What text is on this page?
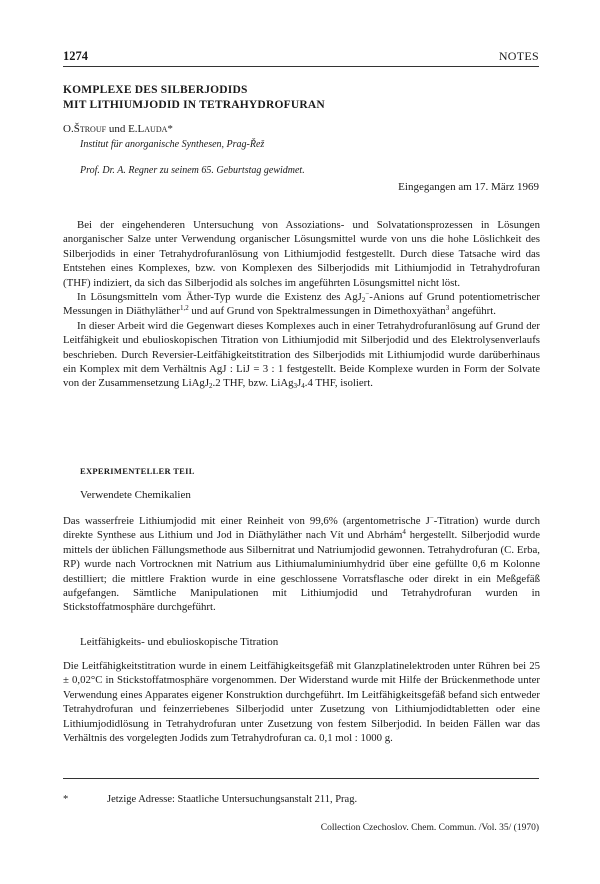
1274	NOTES
KOMPLEXE DES SILBERJODIDS
MIT LITHIUMJODID IN TETRAHYDROFURAN
O.Štrouf und E.Lauda*
Institut für anorganische Synthesen, Prag-Řež
Prof. Dr. A. Regner zu seinem 65. Geburtstag gewidmet.
Eingegangen am 17. März 1969

Bei der eingehenderen Untersuchung von Assoziations- und Solvatationsprozessen in Lösungen anorganischer Salze unter Verwendung organischer Lösungsmittel wurde von uns die hohe Löslichkeit des Silberjodids in einer Tetrahydrofuranlösung von Lithiumjodid festgestellt. Durch diese Tatsache wird das Entstehen eines Komplexes, bzw. von Komplexen des Silberjodids mit Lithiumjodid in Tetrahydrofuran (THF) indiziert, da sich das Silberjodid als solches im angeführten Lösungsmittel nicht löst.

In Lösungsmitteln vom Äther-Typ wurde die Existenz des AgJ$_2$−-Anions auf Grund potentiometrischer Messungen in Diäthyläther$^{1,2}$ und auf Grund von Spektralmessungen in Dimethoxyäthan$^3$ angeführt.

In dieser Arbeit wird die Gegenwart dieses Komplexes auch in einer Tetrahydrofuranlösung auf Grund der Leitfähigkeit und ebulioskopischen Titration von Lithiumjodid mit Silberjodid und des Elektrolysenverlaufs beschrieben. Durch Reversier-Leitfähigkeitstitration des Silberjodids mit Lithiumjodid wurde darüberhinaus ein Komplex mit dem Verhältnis AgJ : LiJ = 3 : 1 festgestellt. Beide Komplexe wurden in Form der Solvate von der Zusammensetzung LiAgJ$_2$.2 THF, bzw. $LiAg_3J_4.4$ THF, isoliert.

EXPERIMENTELLER TEIL
Verwendete Chemikalien

Das wasserfreie Lithiumjodid mit einer Reinheit von 99,6% (argentometrische J−-Titration) wurde durch direkte Synthese aus Lithium und Jod in Diäthyläther nach Vít und Abrhám$^4$ hergestellt. Silberjodid wurde mittels der üblichen Fällungsmethode aus Silbernitrat und Natriumjodid gewonnen. Tetrahydrofuran (C. Erba, RP) wurde nach Vortrocknen mit Natrium aus Lithiumaluminiumhydrid über eine gefüllte 0,6 m Kolonne destilliert; die mittlere Fraktion wurde in eine geschlossene Vorratsflasche oder direkt in ein Meßgefäß aufgefangen. Sämtliche Manipulationen mit Lithiumjodid und Tetrahydrofuran wurden in Stickstoffatmosphäre durchgeführt.

Leitfähigkeits- und ebulioskopische Titration

Die Leitfähigkeitstitration wurde in einem Leitfähigkeitsgefäß mit Glanzplatinelektroden unter Rühren bei 25 ± 0,02°C in Stickstoffatmosphäre vorgenommen. Der Widerstand wurde mit Hilfe der Brückenmethode unter Verwendung eines Apparates eigener Konstruktion durchgeführt. Im Leitfähigkeitsgefäß befand sich entweder Tetrahydrofuran und feinzerriebenes Silberjodid unter Zusetzung von Lithiumjodidtabletten oder eine Lithiumjodidlösung in Tetrahydrofuran unter Zusetzung von festem Silberjodid. In beiden Fällen war das Verhältnis des vorgelegten Jodids zum Tetrahydrofuran ca. 0,1 mol : 1000 g.

*	Jetzige Adresse: Staatliche Untersuchungsanstalt 211, Prag.
Collection Czechoslov. Chem. Commun. /Vol. 35/ (1970)
